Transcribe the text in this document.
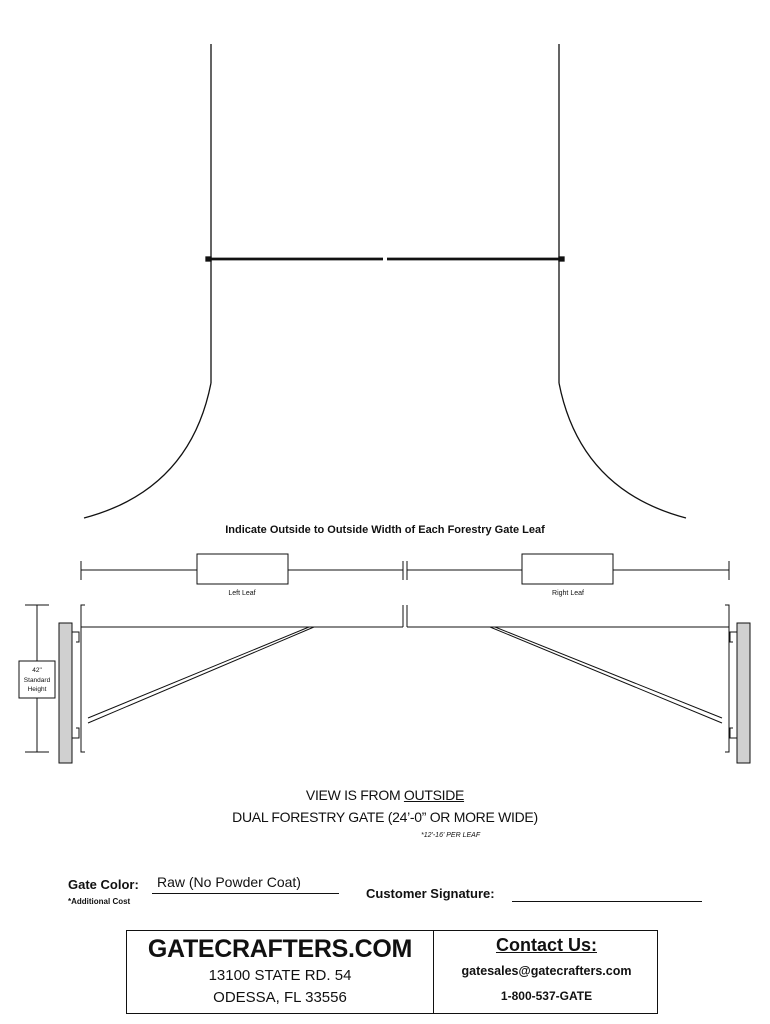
Left Leaf	Right Leaf
42"
Standard
Height
Indicate Outside to Outside Width of Each Forestry Gate Leaf
VIEW IS FROM OUTSIDE
DUAL FORESTRY GATE (24’-0” OR MORE WIDE)
*12'-16' PER LEAF
Gate Color: Raw (No Powder Coat)
*Additional Cost
Customer Signature:
GATECRAFTERS.COM
13100 STATE RD. 54
ODESSA, FL 33556
Contact Us:
gatesales@gatecrafters.com
1-800-537-GATE
